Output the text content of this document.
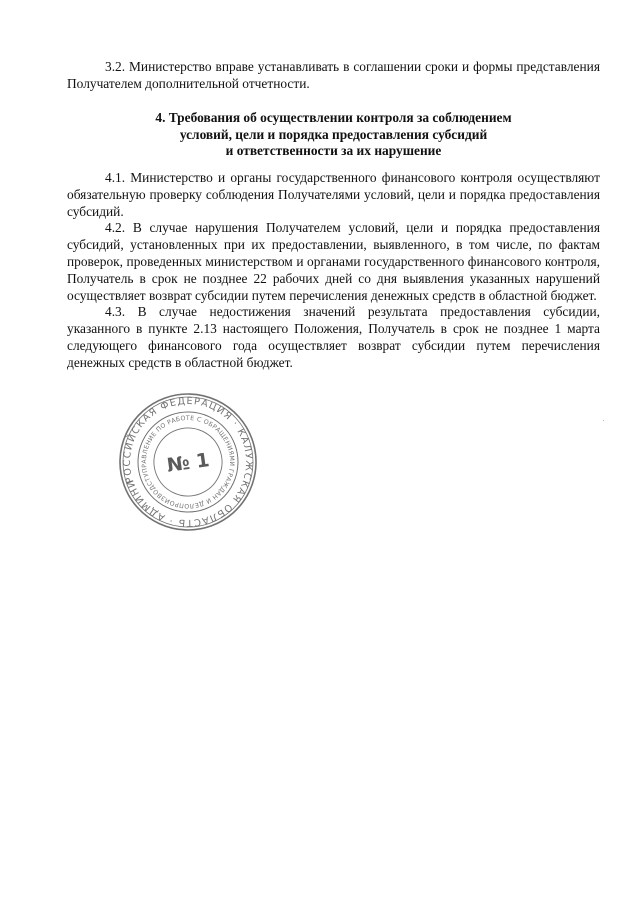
3.2. Министерство вправе устанавливать в соглашении сроки и формы представления Получателем дополнительной отчетности.

4. Требования об осуществлении контроля за соблюдением
условий, цели и порядка предоставления субсидий
и ответственности за их нарушение

4.1. Министерство и органы государственного финансового контроля осуществляют обязательную проверку соблюдения Получателями условий, цели и порядка предоставления субсидий.

4.2. В случае нарушения Получателем условий, цели и порядка предоставления субсидий, установленных при их предоставлении, выявленного, в том числе, по фактам проверок, проведенных министерством и органами государственного финансового контроля, Получатель в срок не позднее 22 рабочих дней со дня выявления указанных нарушений осуществляет возврат субсидии путем перечисления денежных средств в областной бюджет.

4.3. В случае недостижения значений результата предоставления субсидии, указанного в пункте 2.13 настоящего Положения, Получатель в срок не позднее 1 марта следующего финансового года осуществляет возврат субсидии путем перечисления денежных средств в областной бюджет.

РОССИЙСКАЯ ФЕДЕРАЦИЯ · КАЛУЖСКАЯ ОБЛАСТЬ · АДМИНИСТРАЦИЯ
УПРАВЛЕНИЕ ПО РАБОТЕ С ОБРАЩЕНИЯМИ ГРАЖДАН И ДЕЛОПРОИЗВОДСТВУ
№ 1
